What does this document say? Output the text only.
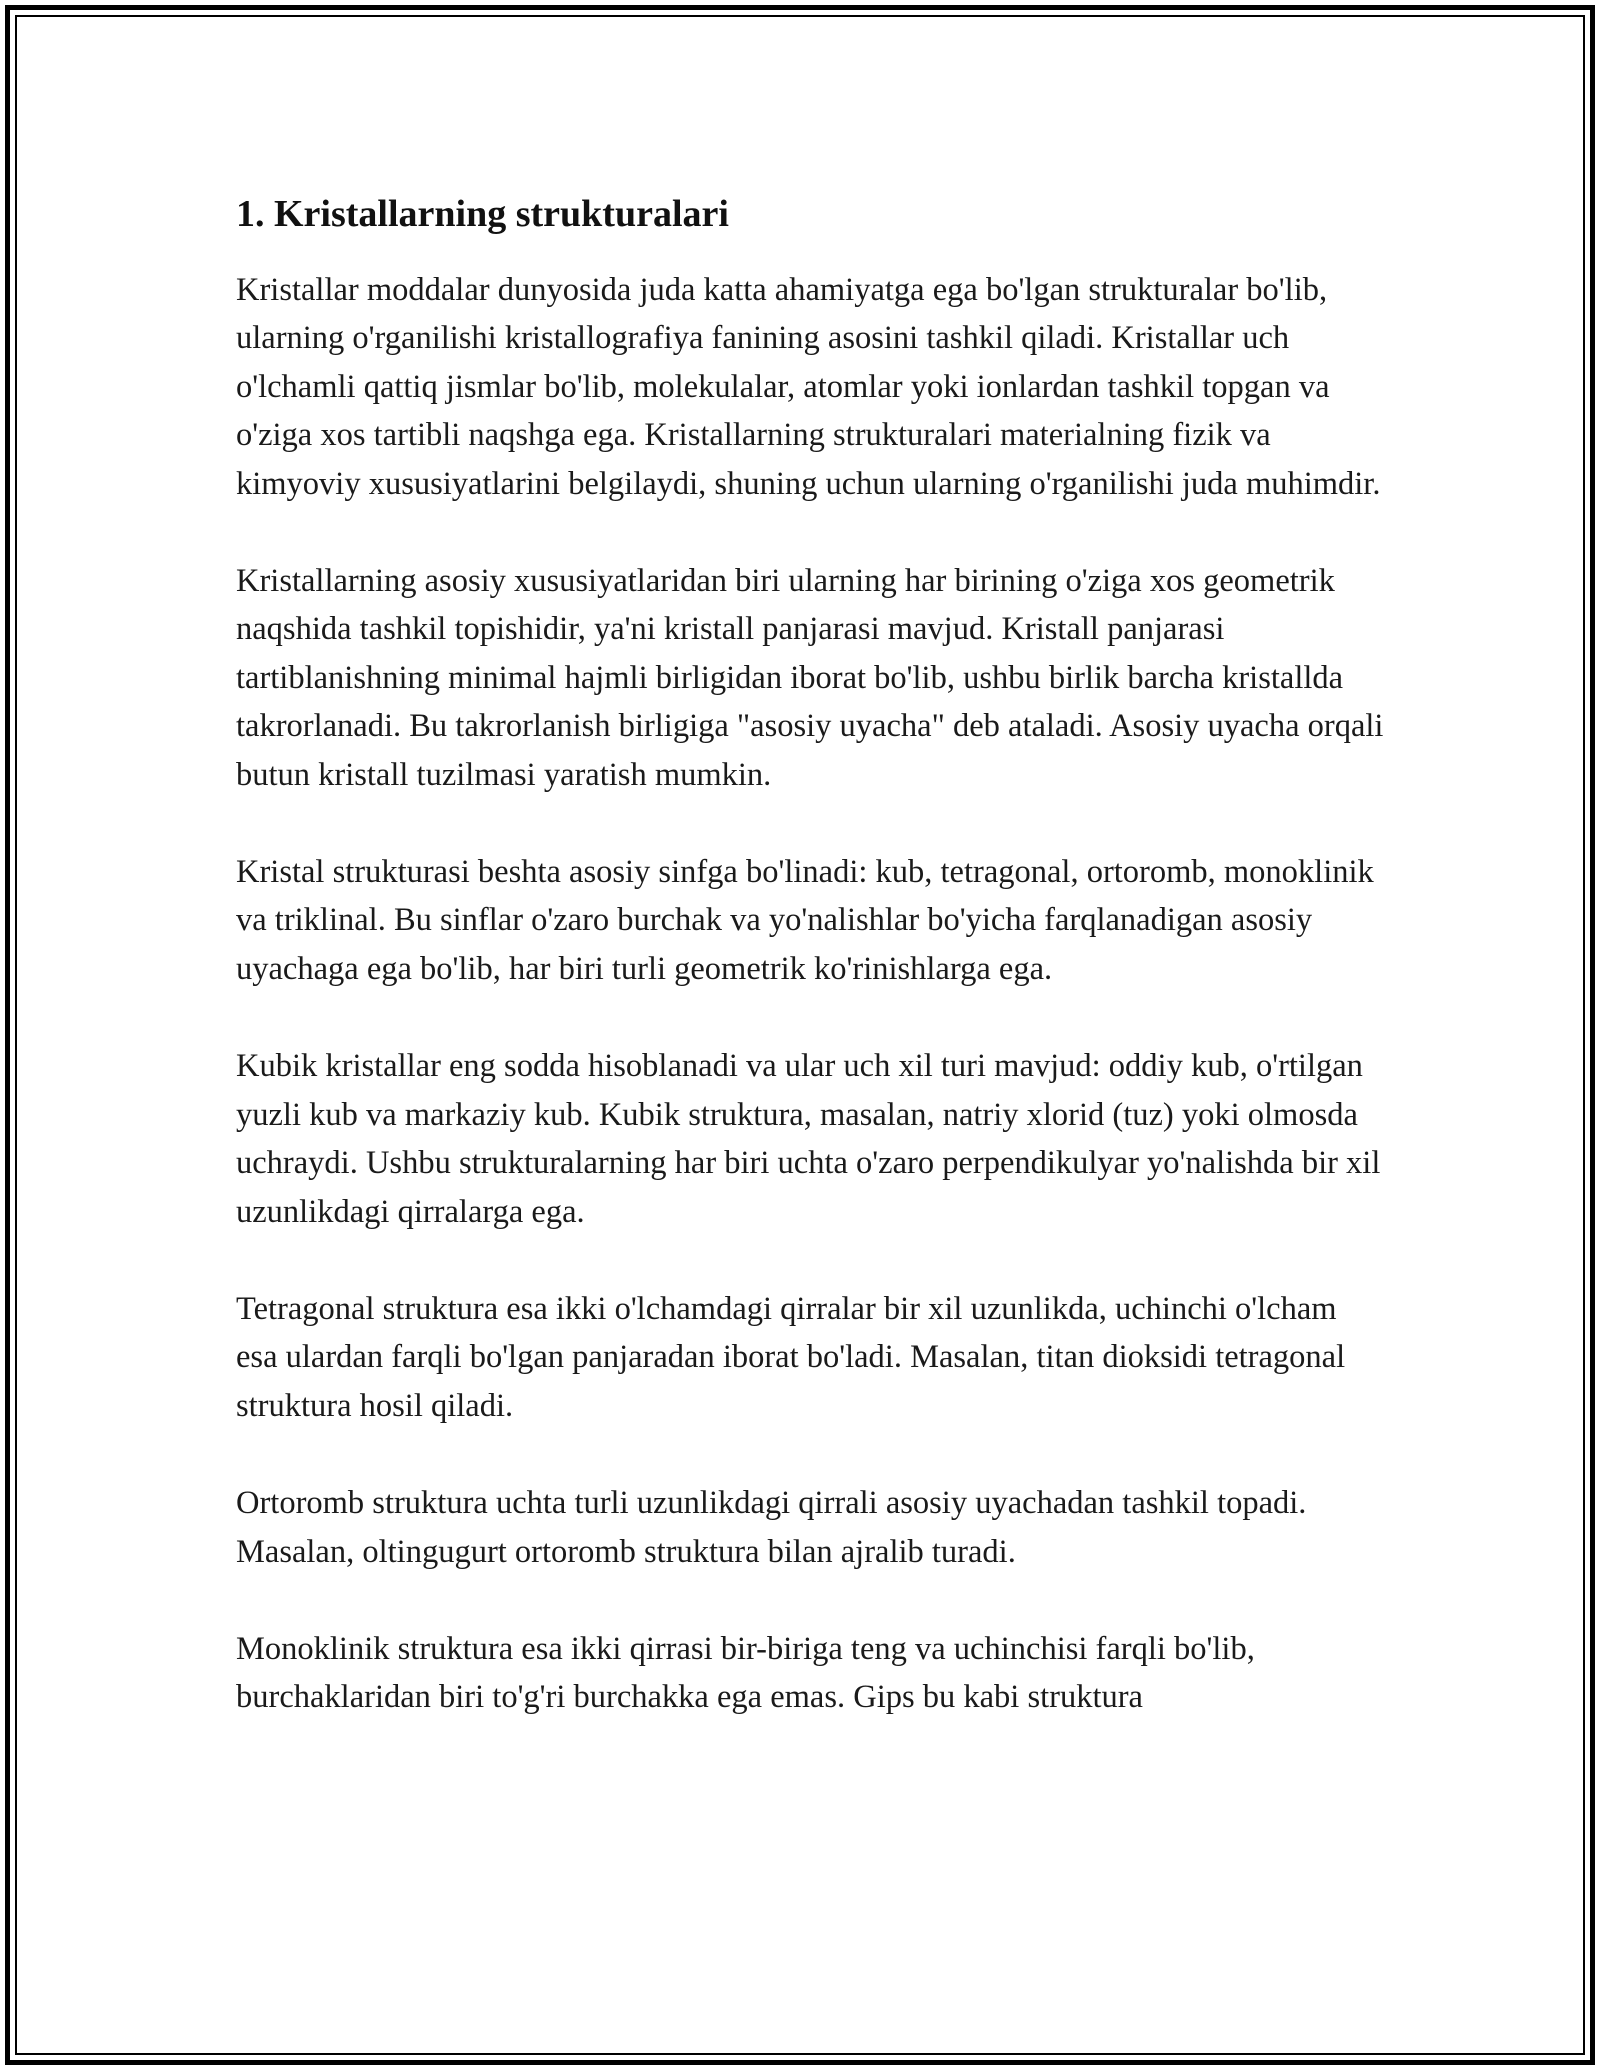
1. Kristallarning strukturalari

Kristallar moddalar dunyosida juda katta ahamiyatga ega bo'lgan strukturalar bo'lib, ularning o'rganilishi kristallografiya fanining asosini tashkil qiladi. Kristallar uch o'lchamli qattiq jismlar bo'lib, molekulalar, atomlar yoki ionlardan tashkil topgan va o'ziga xos tartibli naqshga ega. Kristallarning strukturalari materialning fizik va kimyoviy xususiyatlarini belgilaydi, shuning uchun ularning o'rganilishi juda muhimdir.

Kristallarning asosiy xususiyatlaridan biri ularning har birining o'ziga xos geometrik naqshida tashkil topishidir, ya'ni kristall panjarasi mavjud. Kristall panjarasi tartiblanishning minimal hajmli birligidan iborat bo'lib, ushbu birlik barcha kristallda takrorlanadi. Bu takrorlanish birligiga "asosiy uyacha" deb ataladi. Asosiy uyacha orqali butun kristall tuzilmasi yaratish mumkin.

Kristal strukturasi beshta asosiy sinfga bo'linadi: kub, tetragonal, ortoromb, monoklinik va triklinal. Bu sinflar o'zaro burchak va yo'nalishlar bo'yicha farqlanadigan asosiy uyachaga ega bo'lib, har biri turli geometrik ko'rinishlarga ega.

Kubik kristallar eng sodda hisoblanadi va ular uch xil turi mavjud: oddiy kub, o'rtilgan yuzli kub va markaziy kub. Kubik struktura, masalan, natriy xlorid (tuz) yoki olmosda uchraydi. Ushbu strukturalarning har biri uchta o'zaro perpendikulyar yo'nalishda bir xil uzunlikdagi qirralarga ega.

Tetragonal struktura esa ikki o'lchamdagi qirralar bir xil uzunlikda, uchinchi o'lcham esa ulardan farqli bo'lgan panjaradan iborat bo'ladi. Masalan, titan dioksidi tetragonal struktura hosil qiladi.

Ortoromb struktura uchta turli uzunlikdagi qirrali asosiy uyachadan tashkil topadi. Masalan, oltingugurt ortoromb struktura bilan ajralib turadi.

Monoklinik struktura esa ikki qirrasi bir-biriga teng va uchinchisi farqli bo'lib, burchaklaridan biri to'g'ri burchakka ega emas. Gips bu kabi struktura
